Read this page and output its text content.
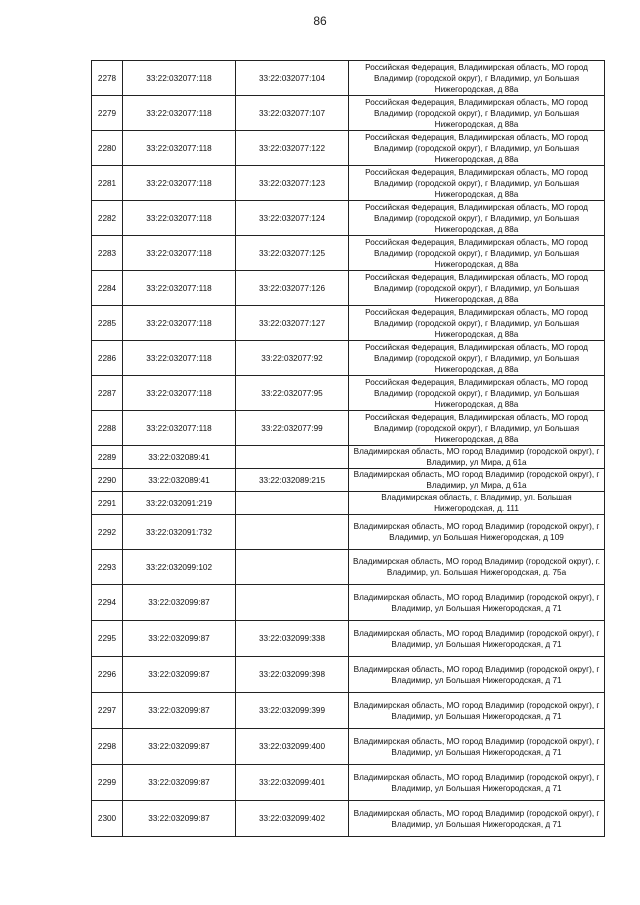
86
2278	33:22:032077:118	33:22:032077:104	Российская Федерация, Владимирская область, МО город Владимир (городской округ), г Владимир, ул Большая Нижегородская, д 88а
2279	33:22:032077:118	33:22:032077:107	Российская Федерация, Владимирская область, МО город Владимир (городской округ), г Владимир, ул Большая Нижегородская, д 88а
2280	33:22:032077:118	33:22:032077:122	Российская Федерация, Владимирская область, МО город Владимир (городской округ), г Владимир, ул Большая Нижегородская, д 88а
2281	33:22:032077:118	33:22:032077:123	Российская Федерация, Владимирская область, МО город Владимир (городской округ), г Владимир, ул Большая Нижегородская, д 88а
2282	33:22:032077:118	33:22:032077:124	Российская Федерация, Владимирская область, МО город Владимир (городской округ), г Владимир, ул Большая Нижегородская, д 88а
2283	33:22:032077:118	33:22:032077:125	Российская Федерация, Владимирская область, МО город Владимир (городской округ), г Владимир, ул Большая Нижегородская, д 88а
2284	33:22:032077:118	33:22:032077:126	Российская Федерация, Владимирская область, МО город Владимир (городской округ), г Владимир, ул Большая Нижегородская, д 88а
2285	33:22:032077:118	33:22:032077:127	Российская Федерация, Владимирская область, МО город Владимир (городской округ), г Владимир, ул Большая Нижегородская, д 88а
2286	33:22:032077:118	33:22:032077:92	Российская Федерация, Владимирская область, МО город Владимир (городской округ), г Владимир, ул Большая Нижегородская, д 88а
2287	33:22:032077:118	33:22:032077:95	Российская Федерация, Владимирская область, МО город Владимир (городской округ), г Владимир, ул Большая Нижегородская, д 88а
2288	33:22:032077:118	33:22:032077:99	Российская Федерация, Владимирская область, МО город Владимир (городской округ), г Владимир, ул Большая Нижегородская, д 88а
2289	33:22:032089:41		Владимирская область, МО город Владимир (городской округ), г Владимир, ул Мира, д 61а
2290	33:22:032089:41	33:22:032089:215	Владимирская область, МО город Владимир (городской округ), г Владимир, ул Мира, д 61а
2291	33:22:032091:219		Владимирская область, г. Владимир, ул. Большая Нижегородская, д. 111
2292	33:22:032091:732		Владимирская область, МО город Владимир (городской округ), г Владимир, ул Большая Нижегородская, д 109
2293	33:22:032099:102		Владимирская область, МО город Владимир (городской округ), г. Владимир, ул. Большая Нижегородская, д. 75а
2294	33:22:032099:87		Владимирская область, МО город Владимир (городской округ), г Владимир, ул Большая Нижегородская, д 71
2295	33:22:032099:87	33:22:032099:338	Владимирская область, МО город Владимир (городской округ), г Владимир, ул Большая Нижегородская, д 71
2296	33:22:032099:87	33:22:032099:398	Владимирская область, МО город Владимир (городской округ), г Владимир, ул Большая Нижегородская, д 71
2297	33:22:032099:87	33:22:032099:399	Владимирская область, МО город Владимир (городской округ), г Владимир, ул Большая Нижегородская, д 71
2298	33:22:032099:87	33:22:032099:400	Владимирская область, МО город Владимир (городской округ), г Владимир, ул Большая Нижегородская, д 71
2299	33:22:032099:87	33:22:032099:401	Владимирская область, МО город Владимир (городской округ), г Владимир, ул Большая Нижегородская, д 71
2300	33:22:032099:87	33:22:032099:402	Владимирская область, МО город Владимир (городской округ), г Владимир, ул Большая Нижегородская, д 71
